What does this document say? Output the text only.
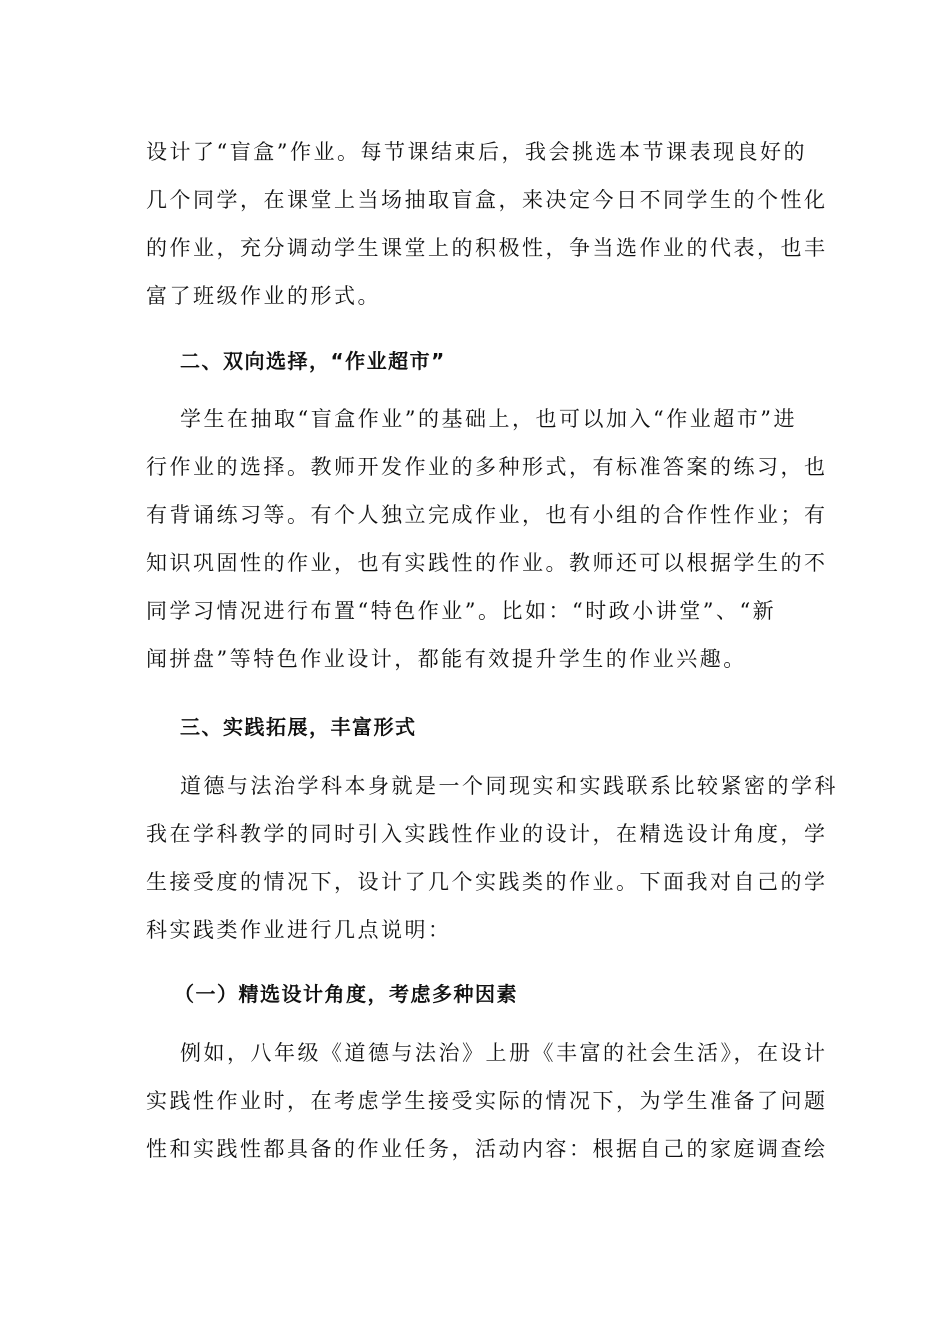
设计了“盲盒”作业。每节课结束后，我会挑选本节课表现良好的

几个同学，在课堂上当场抽取盲盒，来决定今日不同学生的个性化

的作业，充分调动学生课堂上的积极性，争当选作业的代表，也丰

富了班级作业的形式。

二、双向选择，“作业超市”

学生在抽取“盲盒作业”的基础上，也可以加入“作业超市”进

行作业的选择。教师开发作业的多种形式，有标准答案的练习，也

有背诵练习等。有个人独立完成作业，也有小组的合作性作业；有

知识巩固性的作业，也有实践性的作业。教师还可以根据学生的不

同学习情况进行布置“特色作业”。比如：“时政小讲堂”、“新

闻拼盘”等特色作业设计，都能有效提升学生的作业兴趣。

三、实践拓展，丰富形式

道德与法治学科本身就是一个同现实和实践联系比较紧密的学科

我在学科教学的同时引入实践性作业的设计，在精选设计角度，学

生接受度的情况下，设计了几个实践类的作业。下面我对自己的学

科实践类作业进行几点说明：

（一）精选设计角度，考虑多种因素

例如，八年级《道德与法治》上册《丰富的社会生活》，在设计

实践性作业时，在考虑学生接受实际的情况下，为学生准备了问题

性和实践性都具备的作业任务，活动内容：根据自己的家庭调查绘
